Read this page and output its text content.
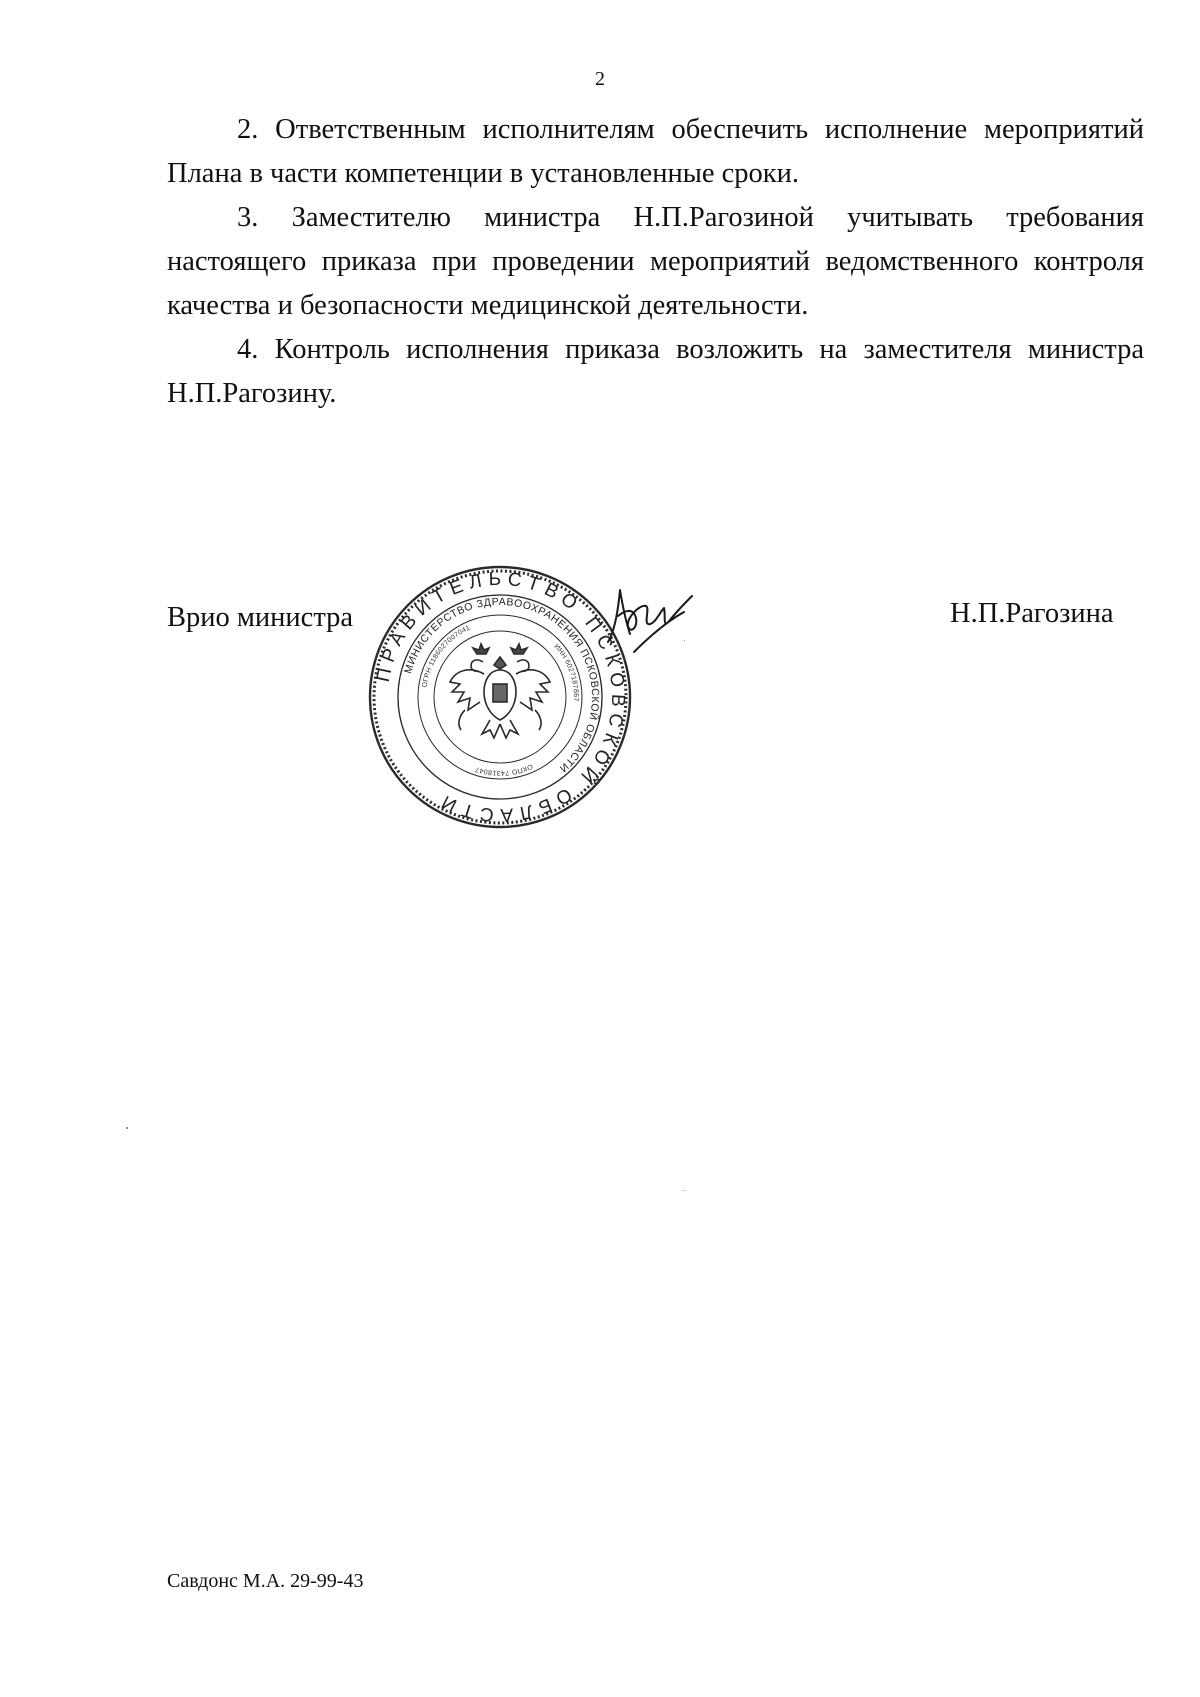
2

2. Ответственным исполнителям обеспечить исполнение мероприятий Плана в части компетенции в установленные сроки.

3. Заместителю министра Н.П.Рагозиной учитывать требования настоящего приказа при проведении мероприятий ведомственного контроля качества и безопасности медицинской деятельности.

4. Контроль исполнения приказа возложить на заместителя министра Н.П.Рагозину.

Врио министра	Н.П.Рагозина
ПРАВИТЕЛЬСТВО ПСКОВСКОЙ ОБЛАСТИ
МИНИСТЕРСТВО ЗДРАВООХРАНЕНИЯ ПСКОВСКОЙ ОБЛАСТИ
ОГРН 1186027007041
ИНН 6027187867
ОКПО 74318047
Савдонс М.А. 29-99-43
